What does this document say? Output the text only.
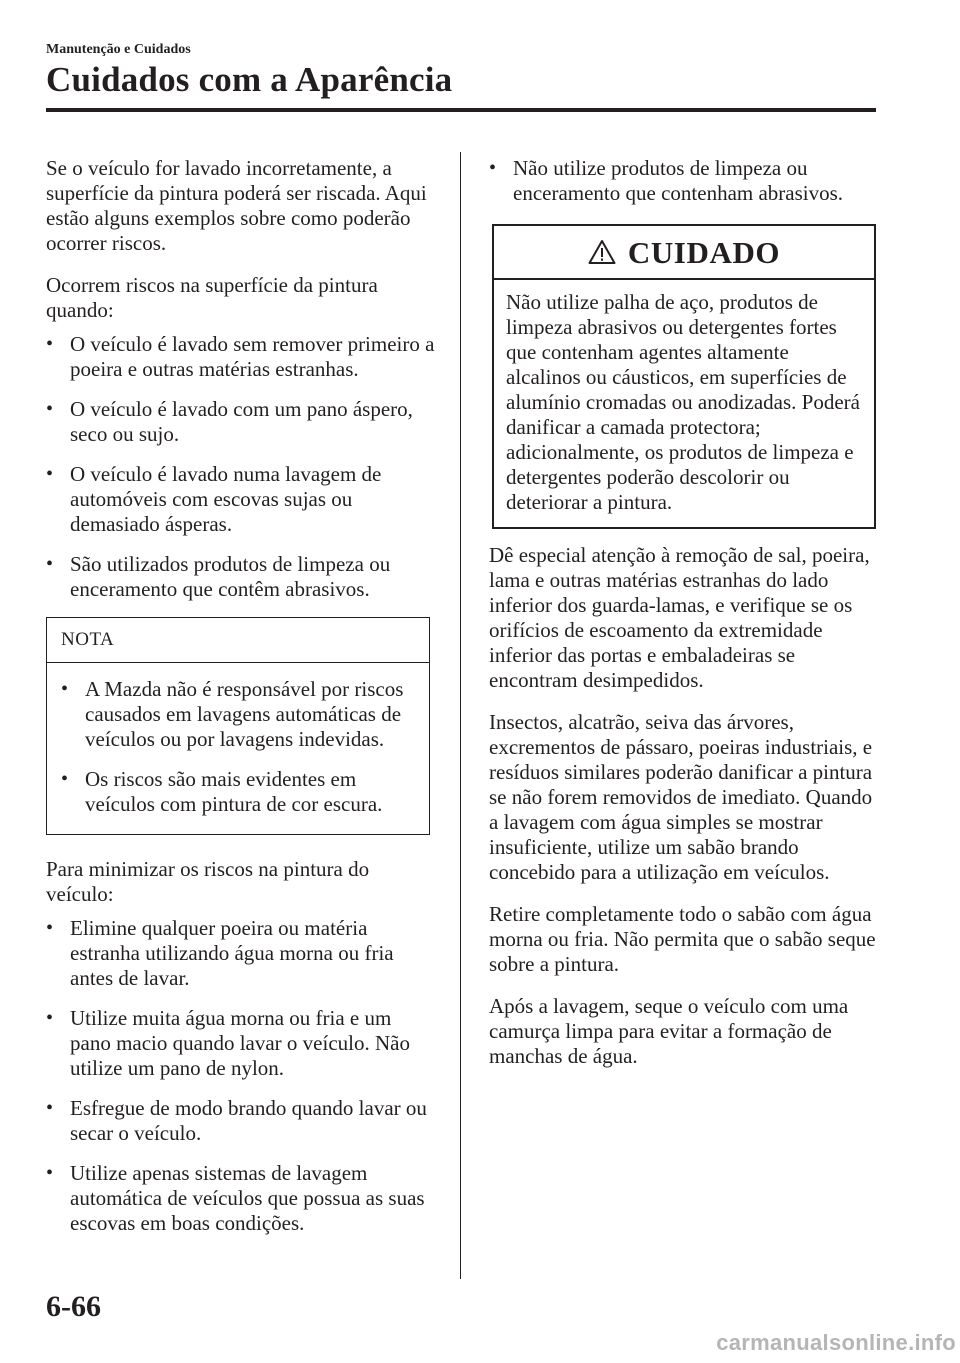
Manutenção e Cuidados
Cuidados com a Aparência

Se o veículo for lavado incorretamente, a superfície da pintura poderá ser riscada. Aqui estão alguns exemplos sobre como poderão ocorrer riscos.

Ocorrem riscos na superfície da pintura quando:

• O veículo é lavado sem remover primeiro a poeira e outras matérias estranhas.
• O veículo é lavado com um pano áspero, seco ou sujo.
• O veículo é lavado numa lavagem de automóveis com escovas sujas ou demasiado ásperas.
• São utilizados produtos de limpeza ou enceramento que contêm abrasivos.
NOTA
• A Mazda não é responsável por riscos causados em lavagens automáticas de veículos ou por lavagens indevidas.
• Os riscos são mais evidentes em veículos com pintura de cor escura.

Para minimizar os riscos na pintura do veículo:

• Elimine qualquer poeira ou matéria estranha utilizando água morna ou fria antes de lavar.
• Utilize muita água morna ou fria e um pano macio quando lavar o veículo. Não utilize um pano de nylon.
• Esfregue de modo brando quando lavar ou secar o veículo.
• Utilize apenas sistemas de lavagem automática de veículos que possua as suas escovas em boas condições.
• Não utilize produtos de limpeza ou enceramento que contenham abrasivos.
CUIDADO
Não utilize palha de aço, produtos de limpeza abrasivos ou detergentes fortes que contenham agentes altamente alcalinos ou cáusticos, em superfícies de alumínio cromadas ou anodizadas. Poderá danificar a camada protectora; adicionalmente, os produtos de limpeza e detergentes poderão descolorir ou deteriorar a pintura.

Dê especial atenção à remoção de sal, poeira, lama e outras matérias estranhas do lado inferior dos guarda-lamas, e verifique se os orifícios de escoamento da extremidade inferior das portas e embaladeiras se encontram desimpedidos.

Insectos, alcatrão, seiva das árvores, excrementos de pássaro, poeiras industriais, e resíduos similares poderão danificar a pintura se não forem removidos de imediato. Quando a lavagem com água simples se mostrar insuficiente, utilize um sabão brando concebido para a utilização em veículos.

Retire completamente todo o sabão com água morna ou fria. Não permita que o sabão seque sobre a pintura.

Após a lavagem, seque o veículo com uma camurça limpa para evitar a formação de manchas de água.

6-66
carmanualsonline.info
